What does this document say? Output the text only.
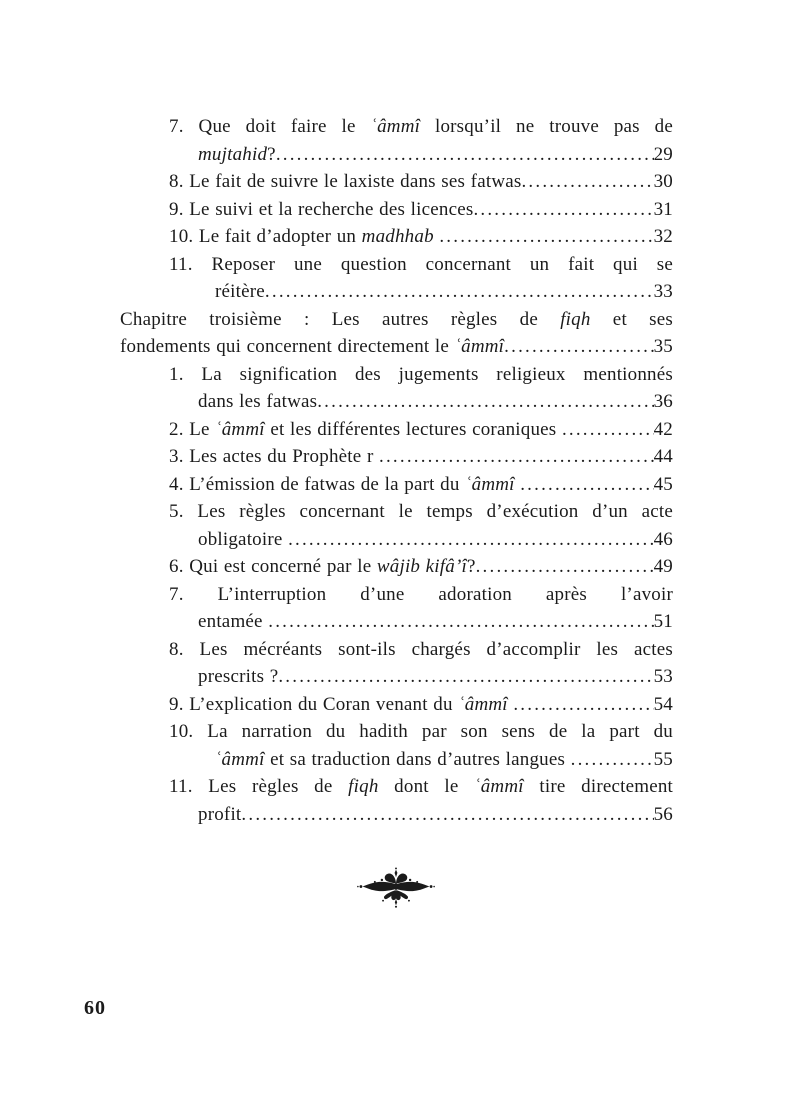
7. Que doit faire le ʿâmmî lorsqu’il ne trouve pas de
mujtahid? .....	29
8. Le fait de suivre le laxiste dans ses fatwas .....	30
9. Le suivi et la recherche des licences .....	31
10. Le fait d’adopter un madhhab .....	32
11. Reposer une question concernant un fait qui se
réitère .....	33
Chapitre troisième : Les autres règles de fiqh et ses
fondements qui concernent directement le ʿâmmî .....	35
1. La signification des jugements religieux mentionnés
dans les fatwas .....	36
2. Le ʿâmmî et les différentes lectures coraniques .....	42
3. Les actes du Prophète r .....	44
4. L’émission de fatwas de la part du ʿâmmî .....	45
5. Les règles concernant le temps d’exécution d’un acte
obligatoire .....	46
6. Qui est concerné par le wâjib kifâ’î? .....	49
7. L’interruption d’une adoration après l’avoir
entamée .....	51
8. Les mécréants sont-ils chargés d’accomplir les actes
prescrits ? .....	53
9. L’explication du Coran venant du ʿâmmî .....	54
10. La narration du hadith par son sens de la part du
ʿâmmî et sa traduction dans d’autres langues .....	55
11. Les règles de fiqh dont le ʿâmmî tire directement
profit .....	56
60
